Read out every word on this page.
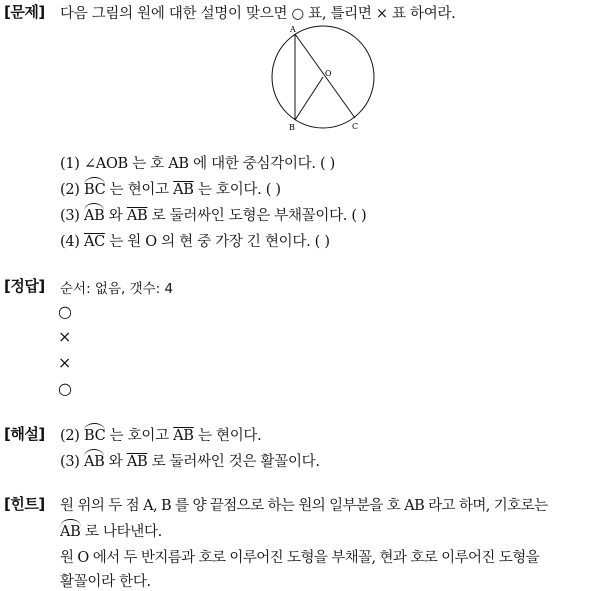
[문제] 다음 그림의 원에 대한 설명이 맞으면 ○ 표, 틀리면 × 표 하여라.
A
O
B	C
(1) ∠AOB 는 호 AB 에 대한 중심각이다. ( )
(2) BC 는 현이고 $\overline{AB}$ 는 호이다. ( )
(3) AB 와 $\overline{AB}$ 로 둘러싸인 도형은 부채꼴이다. ( )
(4) $\overline{AC}$ 는 원 O 의 현 중 가장 긴 현이다. ( )
[정답] 순서: 없음, 갯수: 4
○
×
×
○
[해설] (2) BC 는 호이고 $\overline{AB}$ 는 현이다.
(3) AB 와 $\overline{AB}$ 로 둘러싸인 것은 활꼴이다.
[힌트] 원 위의 두 점 A, B 를 양 끝점으로 하는 원의 일부분을 호 AB 라고 하며, 기호로는
AB 로 나타낸다.
원 O 에서 두 반지름과 호로 이루어진 도형을 부채꼴, 현과 호로 이루어진 도형을
활꼴이라 한다.
